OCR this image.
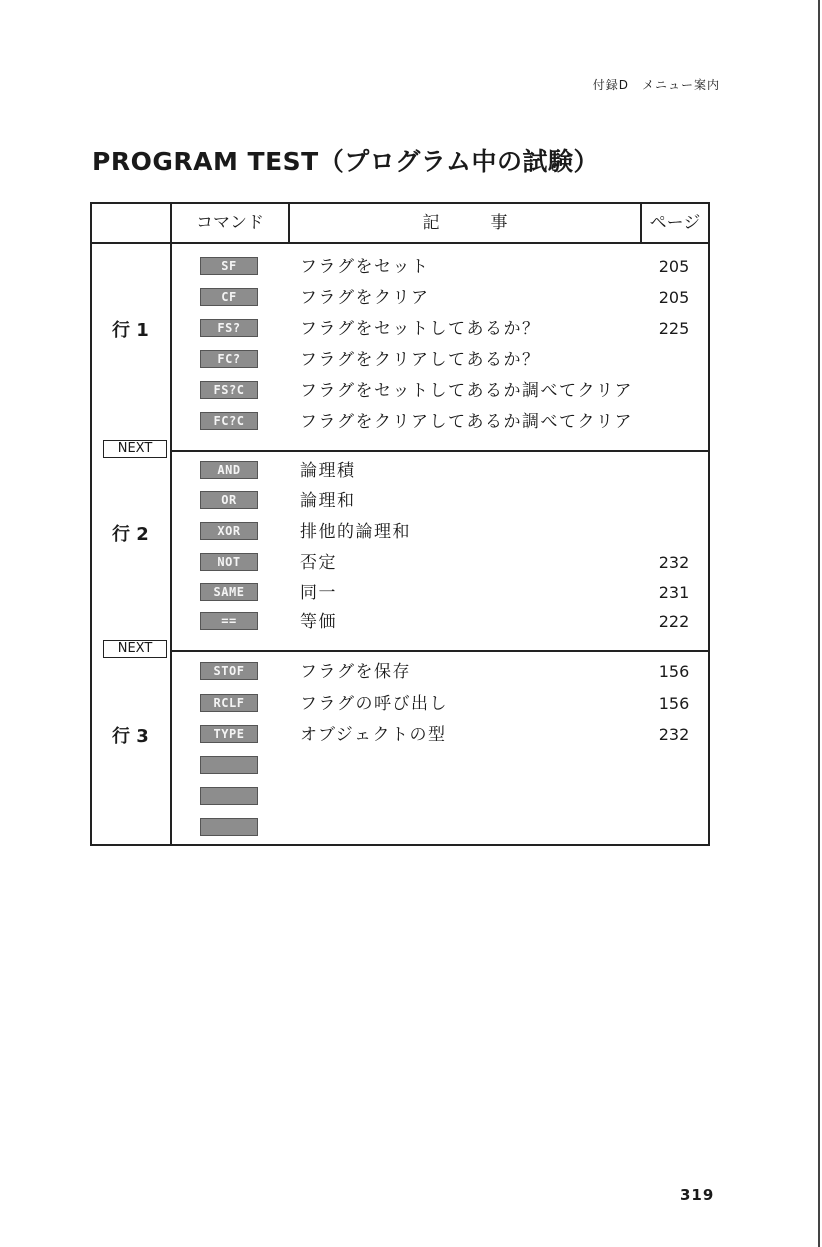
付録D　メニュー案内
PROGRAM TEST（プログラム中の試験）
コマンド	記　　　事	ページ
行 1
SF	フラグをセット	205
CF	フラグをクリア	205
FS?	フラグをセットしてあるか？	225
FC?	フラグをクリアしてあるか？
FS?C	フラグをセットしてあるか調べてクリア
FC?C	フラグをクリアしてあるか調べてクリア
NEXT
行 2
AND	論理積
OR	論理和
XOR	排他的論理和
NOT	否定	232
SAME	同一	231
==	等価	222
NEXT
行 3
STOF	フラグを保存	156
RCLF	フラグの呼び出し	156
TYPE	オブジェクトの型	232
319
